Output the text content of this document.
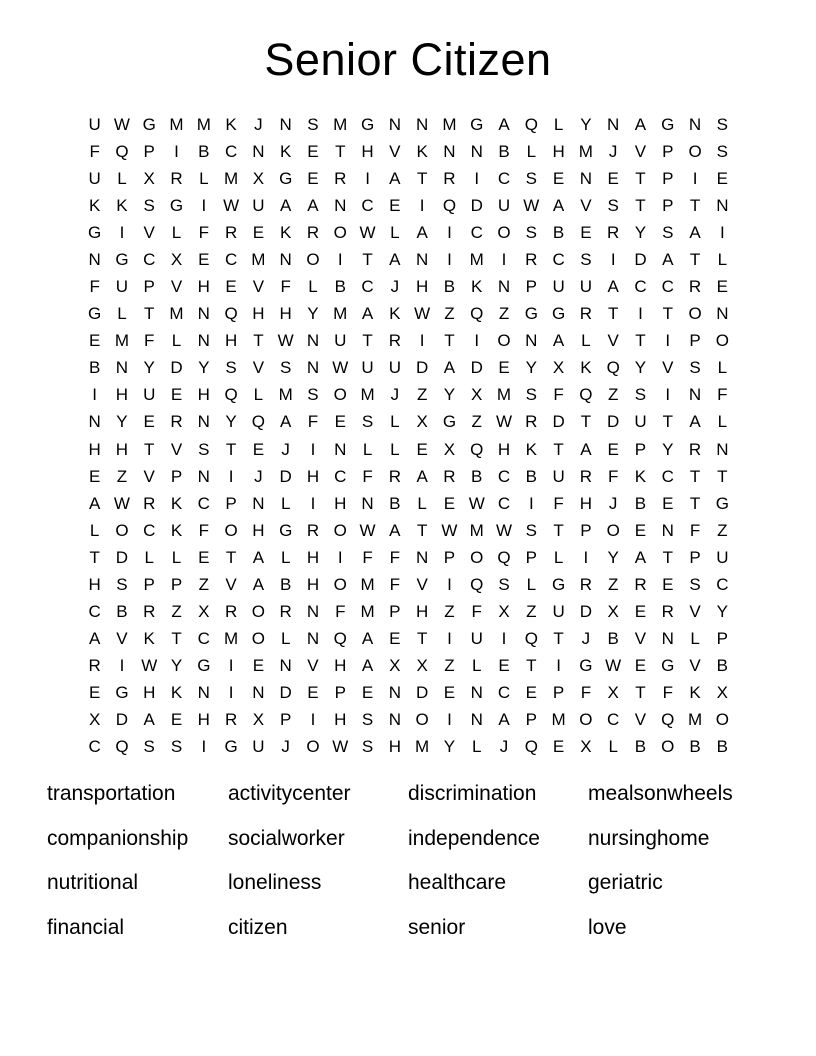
Senior Citizen
U W G M M K	J N S M G N N M G A Q L Y N A G N S
F Q P	I	B C N K E T H V K N N B L H M J	V P O S
U L X R L M X G E R	I	A T R	I	C S E N E T P	I	E
K K S G	I W U A A N C E	I	Q D U W A V S T P T N
G	I	V L	F R E K R O W L A	I	C O S B E R Y S A	I
N G C X E C M N O	I	T A N	I	M	I	R C S	I	D A T	L
F U P V H E V F	L B C J H B K N P U U A C C R E
G L	T M N Q H H Y M A K W Z Q Z G G R T	I	T O N
E M F	L N H T W N U T R	I	T	I	O N A L V T	I	P O
B N Y D Y S V S N W U U D A D E Y X K Q Y V S L
I	H U E H Q L M S O M J	Z Y X M S F Q Z S	I	N F
N Y E R N Y Q A F E S L X G Z W R D T D U T A L
H H T V S T E	J	I	N L	L E X Q H K T A E P Y R N
E Z V P N	I	J D H C F R A R B C B U R F K C T T
A W R K C P N L	I	H N B L E W C	I	F H J	B E T G
L O C K F O H G R O W A T W M W S T P O E N F Z
T D L	L E T A L H	I	F F N P O Q P L	I	Y A T P U
H S P P Z V A B H O M F V	I	Q S L G R Z R E S C
C B R Z X R O R N F M P H Z F X Z U D X E R V Y
A V K T C M O L N Q A E T	I	U	I	Q T	J	B V N L P
R	I W Y G	I	E N V H A X X Z	L E T	I	G W E G V B
E G H K N	I	N D E P E N D E N C E P F X T F K X
X D A E H R X P	I	H S N O	I	N A P M O C V Q M O
C Q S S	I	G U J O W S H M Y L	J Q E X L B O B B
transportation	activitycenter	discrimination	mealsonwheels
companionship	socialworker	independence	nursinghome
nutritional	loneliness	healthcare	geriatric
financial	citizen	senior	love
